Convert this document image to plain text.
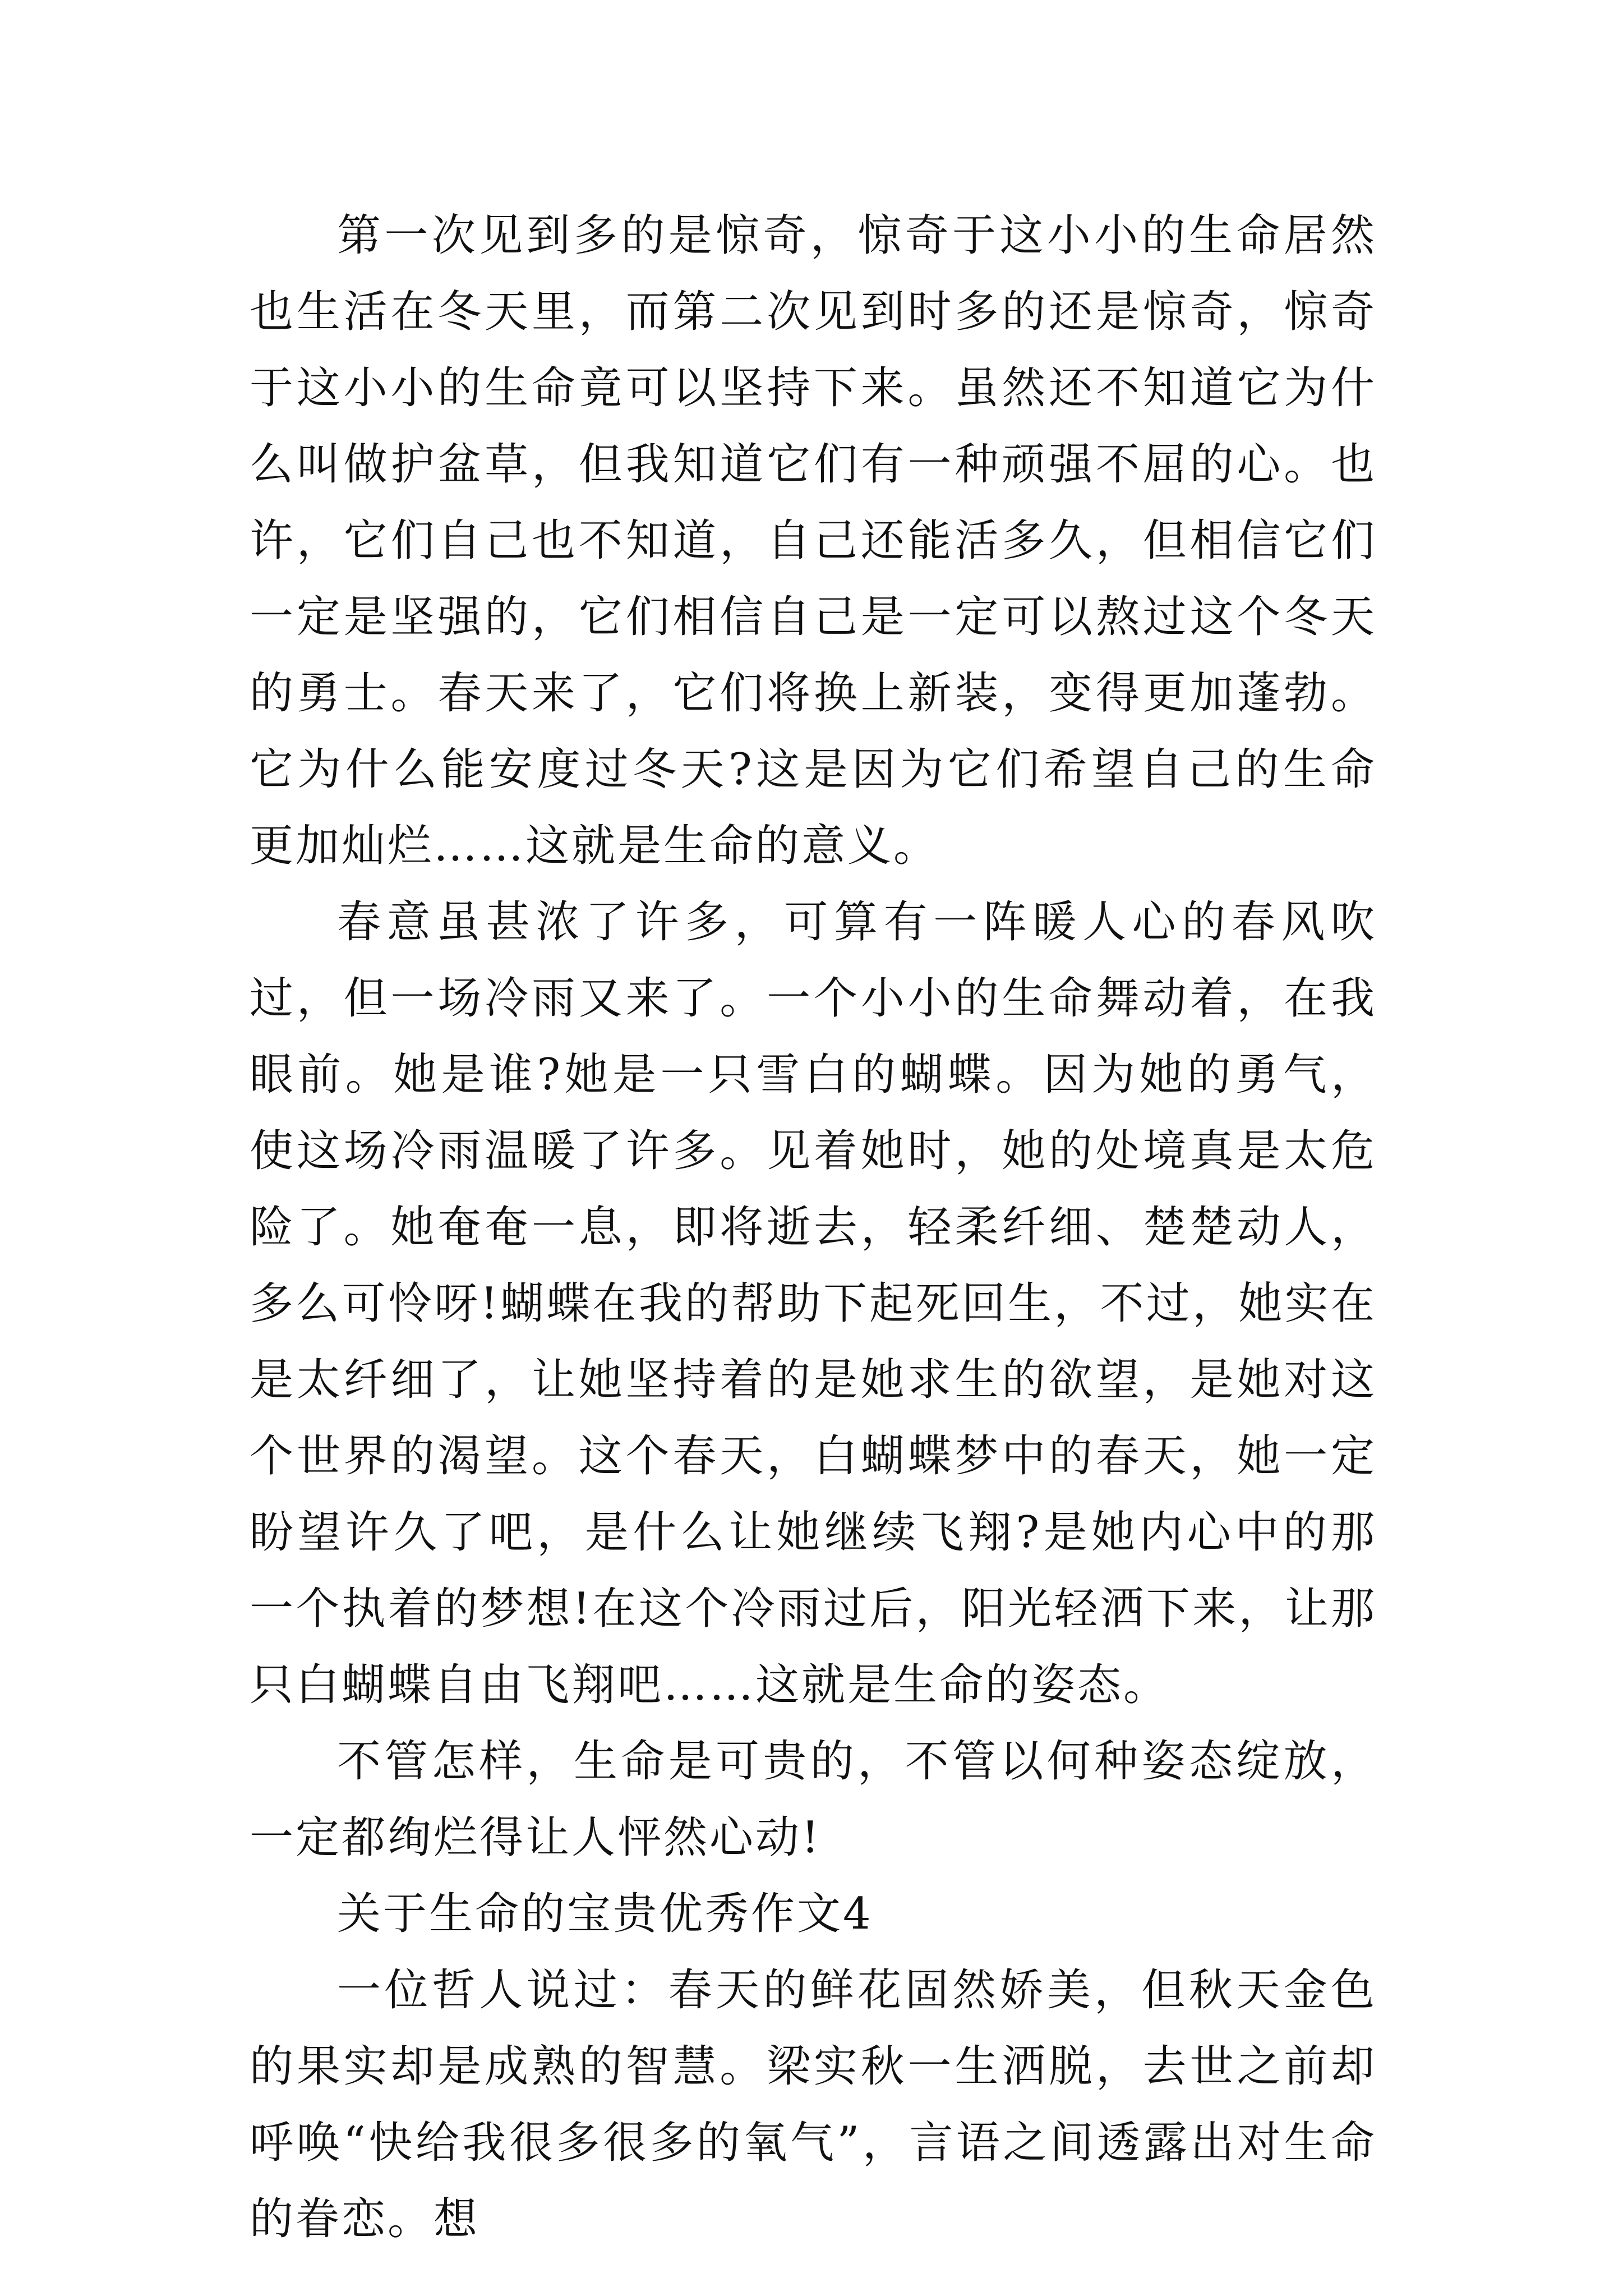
第一次见到多的是惊奇，惊奇于这小小的生命居然也生活在冬天里，而第二次见到时多的还是惊奇，惊奇于这小小的生命竟可以坚持下来。虽然还不知道它为什么叫做护盆草，但我知道它们有一种顽强不屈的心。也许，它们自己也不知道，自己还能活多久，但相信它们一定是坚强的，它们相信自己是一定可以熬过这个冬天的勇士。春天来了，它们将换上新装，变得更加蓬勃。它为什么能安度过冬天?这是因为它们希望自己的生命更加灿烂……这就是生命的意义。

春意虽甚浓了许多，可算有一阵暖人心的春风吹过，但一场冷雨又来了。一个小小的生命舞动着，在我眼前。她是谁?她是一只雪白的蝴蝶。因为她的勇气，使这场冷雨温暖了许多。见着她时，她的处境真是太危险了。她奄奄一息，即将逝去，轻柔纤细、楚楚动人，多么可怜呀!蝴蝶在我的帮助下起死回生，不过，她实在是太纤细了，让她坚持着的是她求生的欲望，是她对这个世界的渴望。这个春天，白蝴蝶梦中的春天，她一定盼望许久了吧，是什么让她继续飞翔?是她内心中的那一个执着的梦想!在这个冷雨过后，阳光轻洒下来，让那只白蝴蝶自由飞翔吧……这就是生命的姿态。

不管怎样，生命是可贵的，不管以何种姿态绽放，一定都绚烂得让人怦然心动!

关于生命的宝贵优秀作文4

一位哲人说过：春天的鲜花固然娇美，但秋天金色的果实却是成熟的智慧。梁实秋一生洒脱，去世之前却呼唤“快给我很多很多的氧气”，言语之间透露出对生命的眷恋。想
